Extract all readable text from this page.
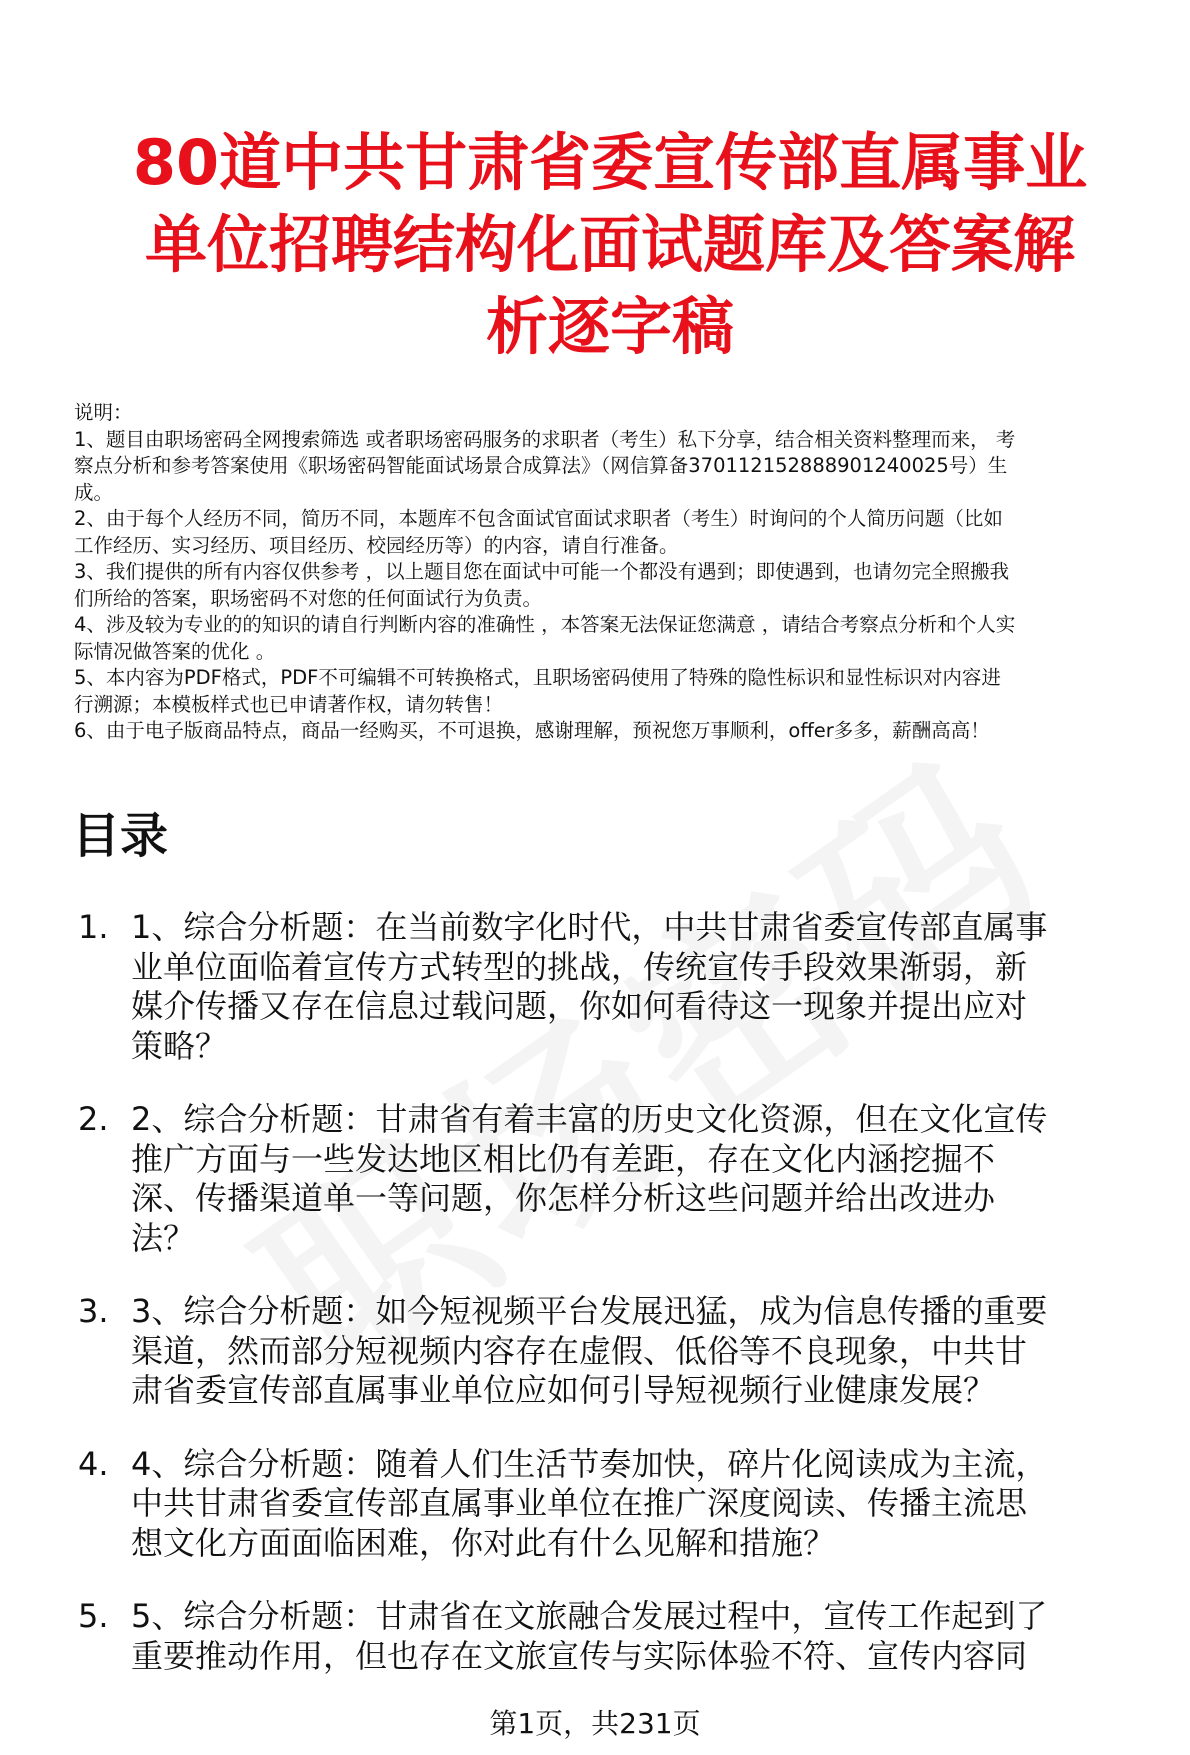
80道中共甘肃省委宣传部直属事业
单位招聘结构化面试题库及答案解
析逐字稿
说明：
1、题目由职场密码全网搜索筛选 或者职场密码服务的求职者（考生）私下分享，结合相关资料整理而来， 考
察点分析和参考答案使用《职场密码智能面试场景合成算法》（网信算备370112152888901240025号）生
成。
2、由于每个人经历不同，简历不同，本题库不包含面试官面试求职者（考生）时询问的个人简历问题（比如
工作经历、实习经历、项目经历、校园经历等）的内容，请自行准备。
3、我们提供的所有内容仅供参考 ，以上题目您在面试中可能一个都没有遇到；即使遇到，也请勿完全照搬我
们所给的答案，职场密码不对您的任何面试行为负责。
4、涉及较为专业的的知识的请自行判断内容的准确性 ，本答案无法保证您满意 ，请结合考察点分析和个人实
际情况做答案的优化 。
5、本内容为PDF格式，PDF不可编辑不可转换格式，且职场密码使用了特殊的隐性标识和显性标识对内容进
行溯源；本模板样式也已申请著作权，请勿转售！
6、由于电子版商品特点，商品一经购买，不可退换，感谢理解，预祝您万事顺利，offer多多，薪酬高高！
目录
1. 1、综合分析题：在当前数字化时代，中共甘肃省委宣传部直属事
业单位面临着宣传方式转型的挑战，传统宣传手段效果渐弱，新
媒介传播又存在信息过载问题，你如何看待这一现象并提出应对
策略？
2. 2、综合分析题：甘肃省有着丰富的历史文化资源，但在文化宣传
推广方面与一些发达地区相比仍有差距，存在文化内涵挖掘不
深、传播渠道单一等问题，你怎样分析这些问题并给出改进办
法？
3. 3、综合分析题：如今短视频平台发展迅猛，成为信息传播的重要
渠道，然而部分短视频内容存在虚假、低俗等不良现象，中共甘
肃省委宣传部直属事业单位应如何引导短视频行业健康发展？
4. 4、综合分析题：随着人们生活节奏加快，碎片化阅读成为主流，
中共甘肃省委宣传部直属事业单位在推广深度阅读、传播主流思
想文化方面面临困难，你对此有什么见解和措施？
5. 5、综合分析题：甘肃省在文旅融合发展过程中，宣传工作起到了
重要推动作用，但也存在文旅宣传与实际体验不符、宣传内容同
第1页，共231页
